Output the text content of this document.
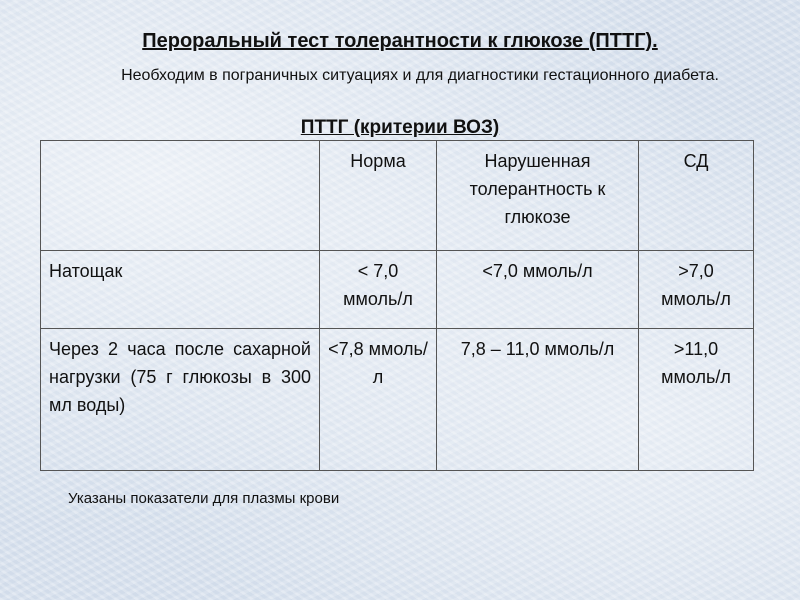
Пероральный тест толерантности к глюкозе (ПТТГ).
Необходим в пограничных ситуациях и для диагностики гестационного диабета.
ПТТГ (критерии ВОЗ)
	Норма	Нарушенная толерантность к глюкозе	СД
Натощак	< 7,0 ммоль/л	<7,0 ммоль/л	>7,0 ммоль/л
Через 2 часа после сахарной нагрузки (75 г глюкозы в 300 мл воды)	<7,8 ммоль/л	7,8 – 11,0 ммоль/л	>11,0 ммоль/л
Указаны показатели для плазмы крови
